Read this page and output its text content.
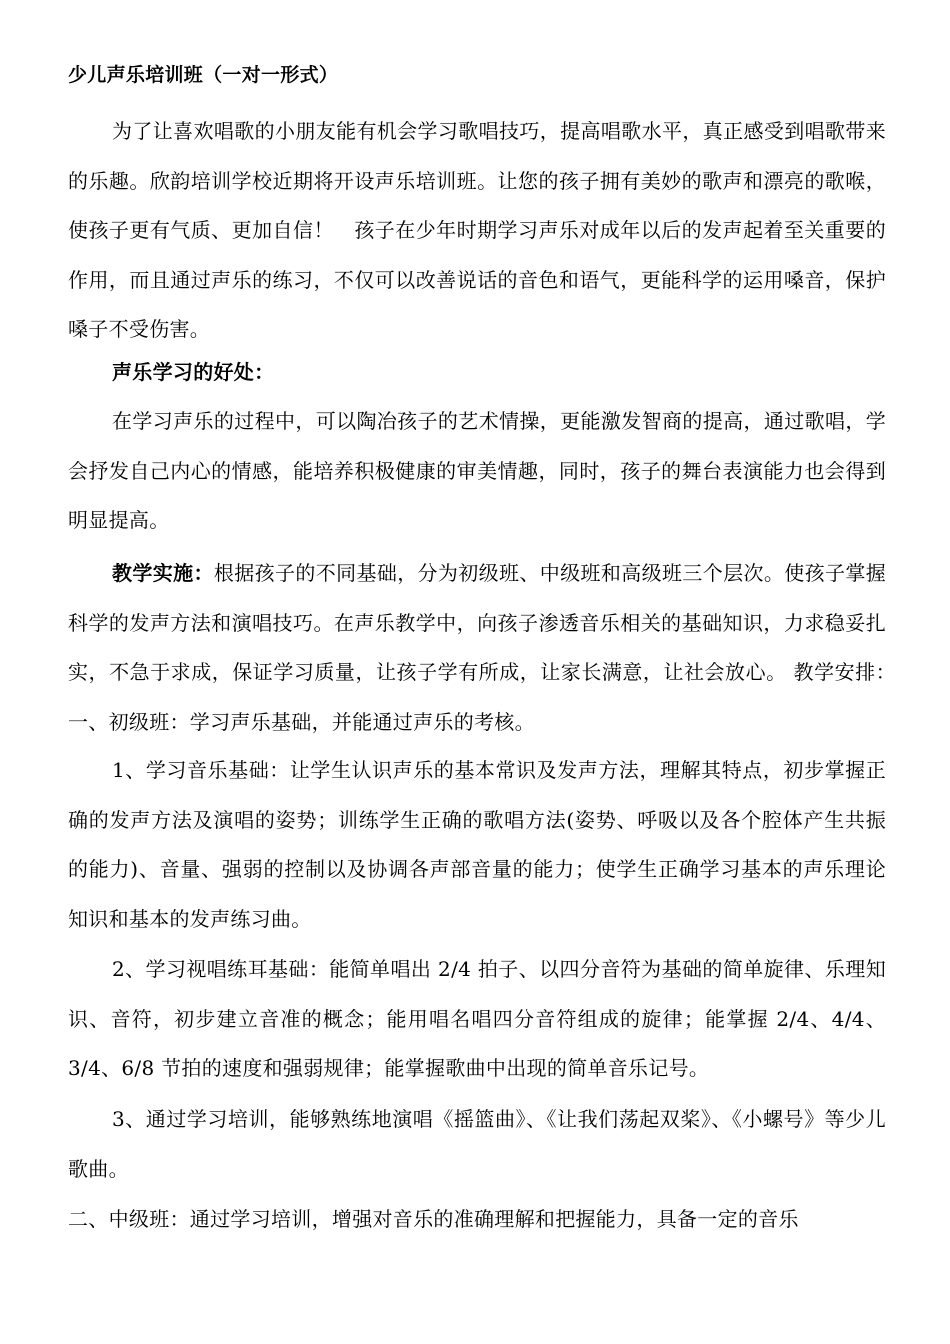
少儿声乐培训班（一对一形式）

为了让喜欢唱歌的小朋友能有机会学习歌唱技巧，提高唱歌水平，真正感受到唱歌带来的乐趣。欣韵培训学校近期将开设声乐培训班。让您的孩子拥有美妙的歌声和漂亮的歌喉，使孩子更有气质、更加自信！　孩子在少年时期学习声乐对成年以后的发声起着至关重要的作用，而且通过声乐的练习，不仅可以改善说话的音色和语气，更能科学的运用嗓音，保护嗓子不受伤害。

声乐学习的好处：

在学习声乐的过程中，可以陶冶孩子的艺术情操，更能激发智商的提高，通过歌唱，学会抒发自己内心的情感，能培养积极健康的审美情趣，同时，孩子的舞台表演能力也会得到明显提高。

教学实施：根据孩子的不同基础，分为初级班、中级班和高级班三个层次。使孩子掌握科学的发声方法和演唱技巧。在声乐教学中，向孩子渗透音乐相关的基础知识，力求稳妥扎实，不急于求成，保证学习质量，让孩子学有所成，让家长满意，让社会放心。 教学安排：　一、初级班：学习声乐基础，并能通过声乐的考核。

1、学习音乐基础：让学生认识声乐的基本常识及发声方法，理解其特点，初步掌握正确的发声方法及演唱的姿势；训练学生正确的歌唱方法(姿势、呼吸以及各个腔体产生共振的能力)、音量、强弱的控制以及协调各声部音量的能力；使学生正确学习基本的声乐理论知识和基本的发声练习曲。

2、学习视唱练耳基础：能简单唱出 2/4 拍子、以四分音符为基础的简单旋律、乐理知识、音符，初步建立音准的概念；能用唱名唱四分音符组成的旋律；能掌握 2/4、4/4、3/4、6/8 节拍的速度和强弱规律；能掌握歌曲中出现的简单音乐记号。

3、通过学习培训，能够熟练地演唱《摇篮曲》、《让我们荡起双桨》、《小螺号》等少儿歌曲。

二、中级班：通过学习培训，增强对音乐的准确理解和把握能力，具备一定的音乐
